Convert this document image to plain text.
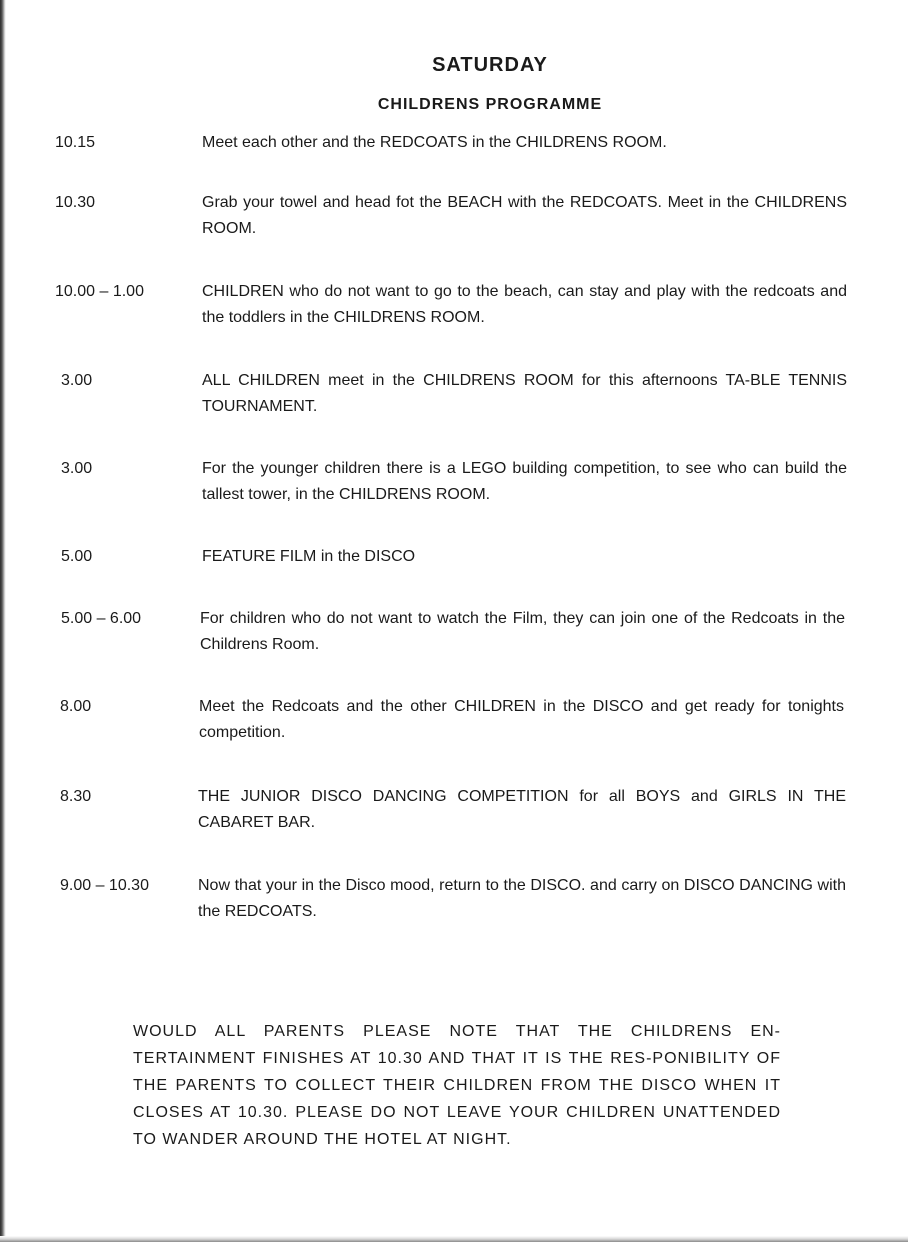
SATURDAY
CHILDRENS PROGRAMME
10.15	Meet each other and the REDCOATS in the CHILDRENS ROOM.
10.30	Grab your towel and head fot the BEACH with the REDCOATS. Meet in the CHILDRENS ROOM.
10.00 – 1.00	CHILDREN who do not want to go to the beach, can stay and play with the redcoats and the toddlers in the CHILDRENS ROOM.
3.00	ALL CHILDREN meet in the CHILDRENS ROOM for this afternoons TA-BLE TENNIS TOURNAMENT.
3.00	For the younger children there is a LEGO building competition, to see who can build the tallest tower, in the CHILDRENS ROOM.
5.00	FEATURE FILM in the DISCO
5.00 – 6.00	For children who do not want to watch the Film, they can join one of the Redcoats in the Childrens Room.
8.00	Meet the Redcoats and the other CHILDREN in the DISCO and get ready for tonights competition.
8.30	THE JUNIOR DISCO DANCING COMPETITION for all BOYS and GIRLS IN THE CABARET BAR.
9.00 – 10.30	Now that your in the Disco mood, return to the DISCO. and carry on DISCO DANCING with the REDCOATS.

WOULD ALL PARENTS PLEASE NOTE THAT THE CHILDRENS EN-TERTAINMENT FINISHES AT 10.30 AND THAT IT IS THE RES-PONIBILITY OF THE PARENTS TO COLLECT THEIR CHILDREN FROM THE DISCO WHEN IT CLOSES AT 10.30. PLEASE DO NOT LEAVE YOUR CHILDREN UNATTENDED TO WANDER AROUND THE HOTEL AT NIGHT.
